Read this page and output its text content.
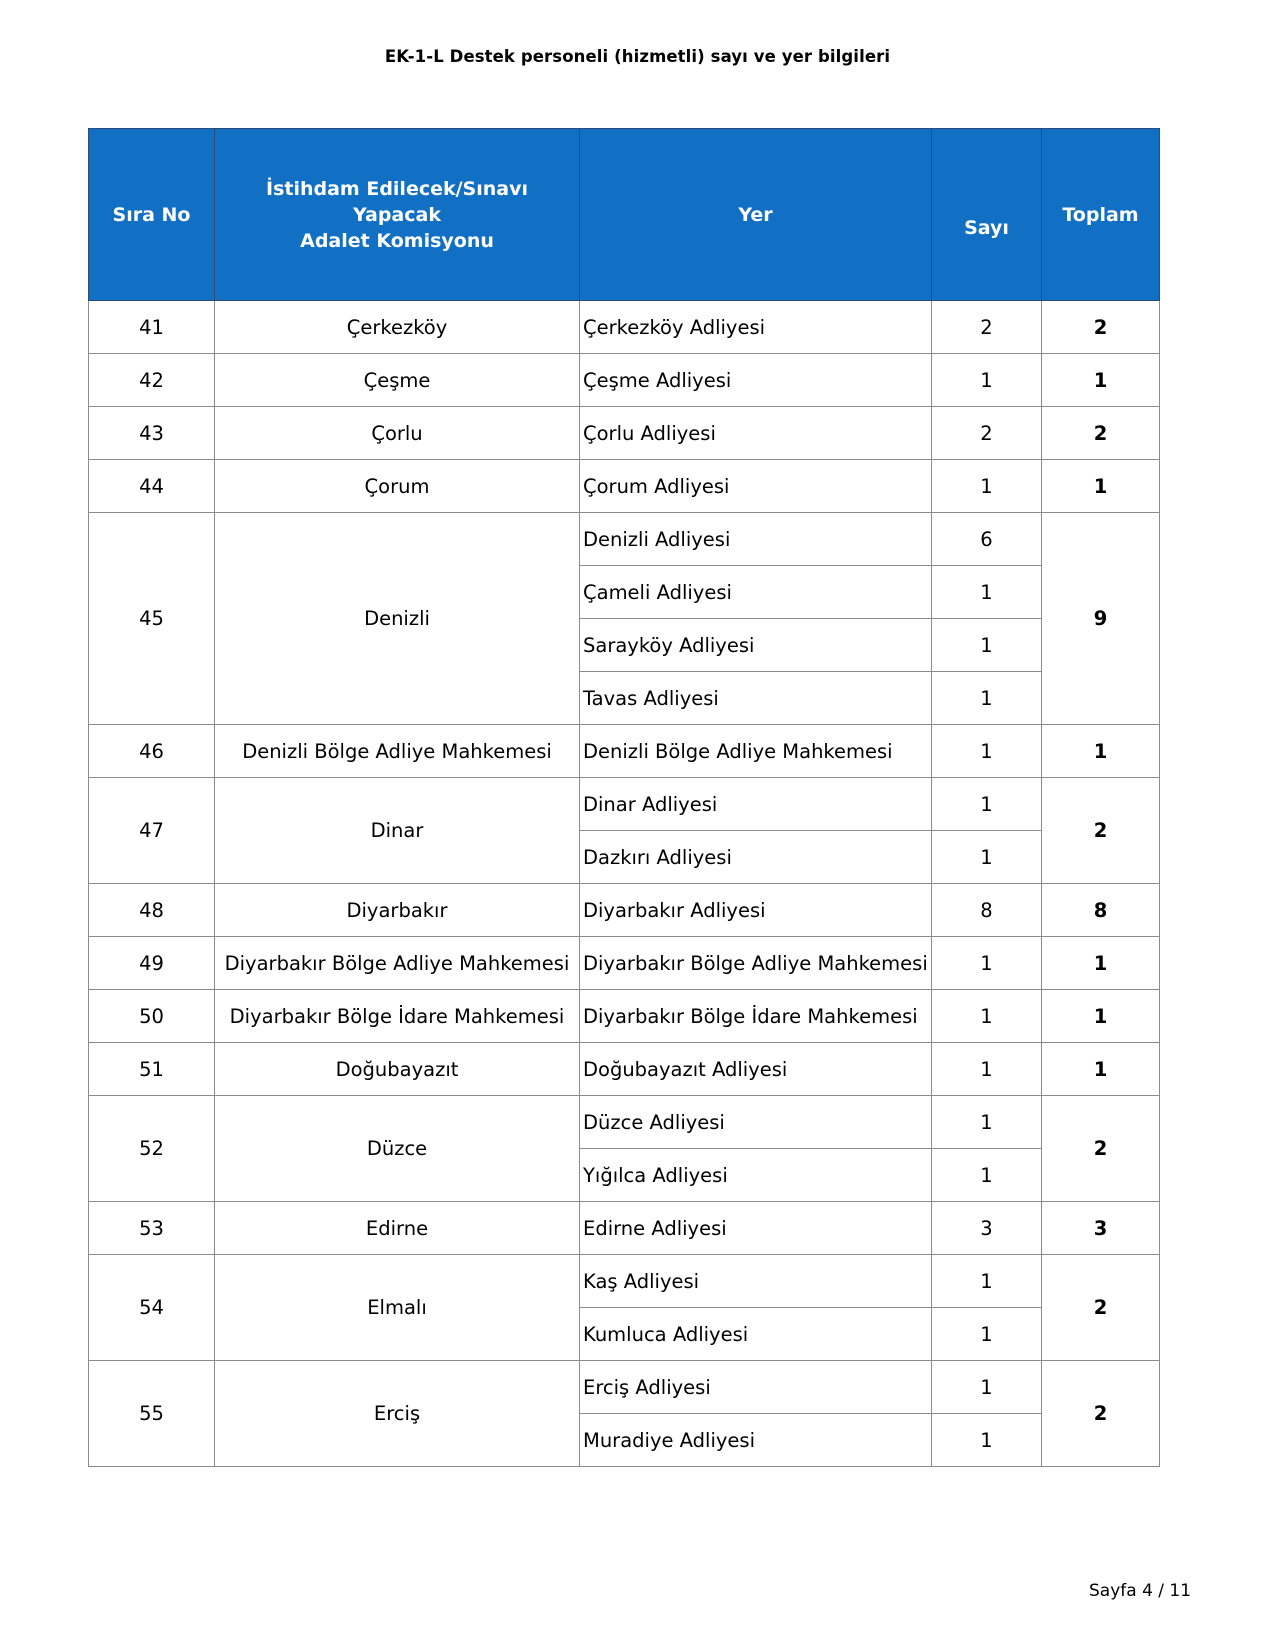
EK-1-L Destek personeli (hizmetli) sayı ve yer bilgileri
Sıra No	İstihdam Edilecek/Sınavı
Yapacak
Adalet Komisyonu	Yer	Sayı	Toplam
41	Çerkezköy	Çerkezköy Adliyesi	2	2
42	Çeşme	Çeşme Adliyesi	1	1
43	Çorlu	Çorlu Adliyesi	2	2
44	Çorum	Çorum Adliyesi	1	1
45	Denizli	Denizli Adliyesi	6	9
		Çameli Adliyesi	1	
		Sarayköy Adliyesi	1	
		Tavas Adliyesi	1	
46	Denizli Bölge Adliye Mahkemesi	Denizli Bölge Adliye Mahkemesi	1	1
47	Dinar	Dinar Adliyesi	1	2
		Dazkırı Adliyesi	1	
48	Diyarbakır	Diyarbakır Adliyesi	8	8
49	Diyarbakır Bölge Adliye Mahkemesi	Diyarbakır Bölge Adliye Mahkemesi	1	1
50	Diyarbakır Bölge İdare Mahkemesi	Diyarbakır Bölge İdare Mahkemesi	1	1
51	Doğubayazıt	Doğubayazıt Adliyesi	1	1
52	Düzce	Düzce Adliyesi	1	2
		Yığılca Adliyesi	1	
53	Edirne	Edirne Adliyesi	3	3
54	Elmalı	Kaş Adliyesi	1	2
		Kumluca Adliyesi	1	
55	Erciş	Erciş Adliyesi	1	2
		Muradiye Adliyesi	1	
Sayfa 4 / 11
